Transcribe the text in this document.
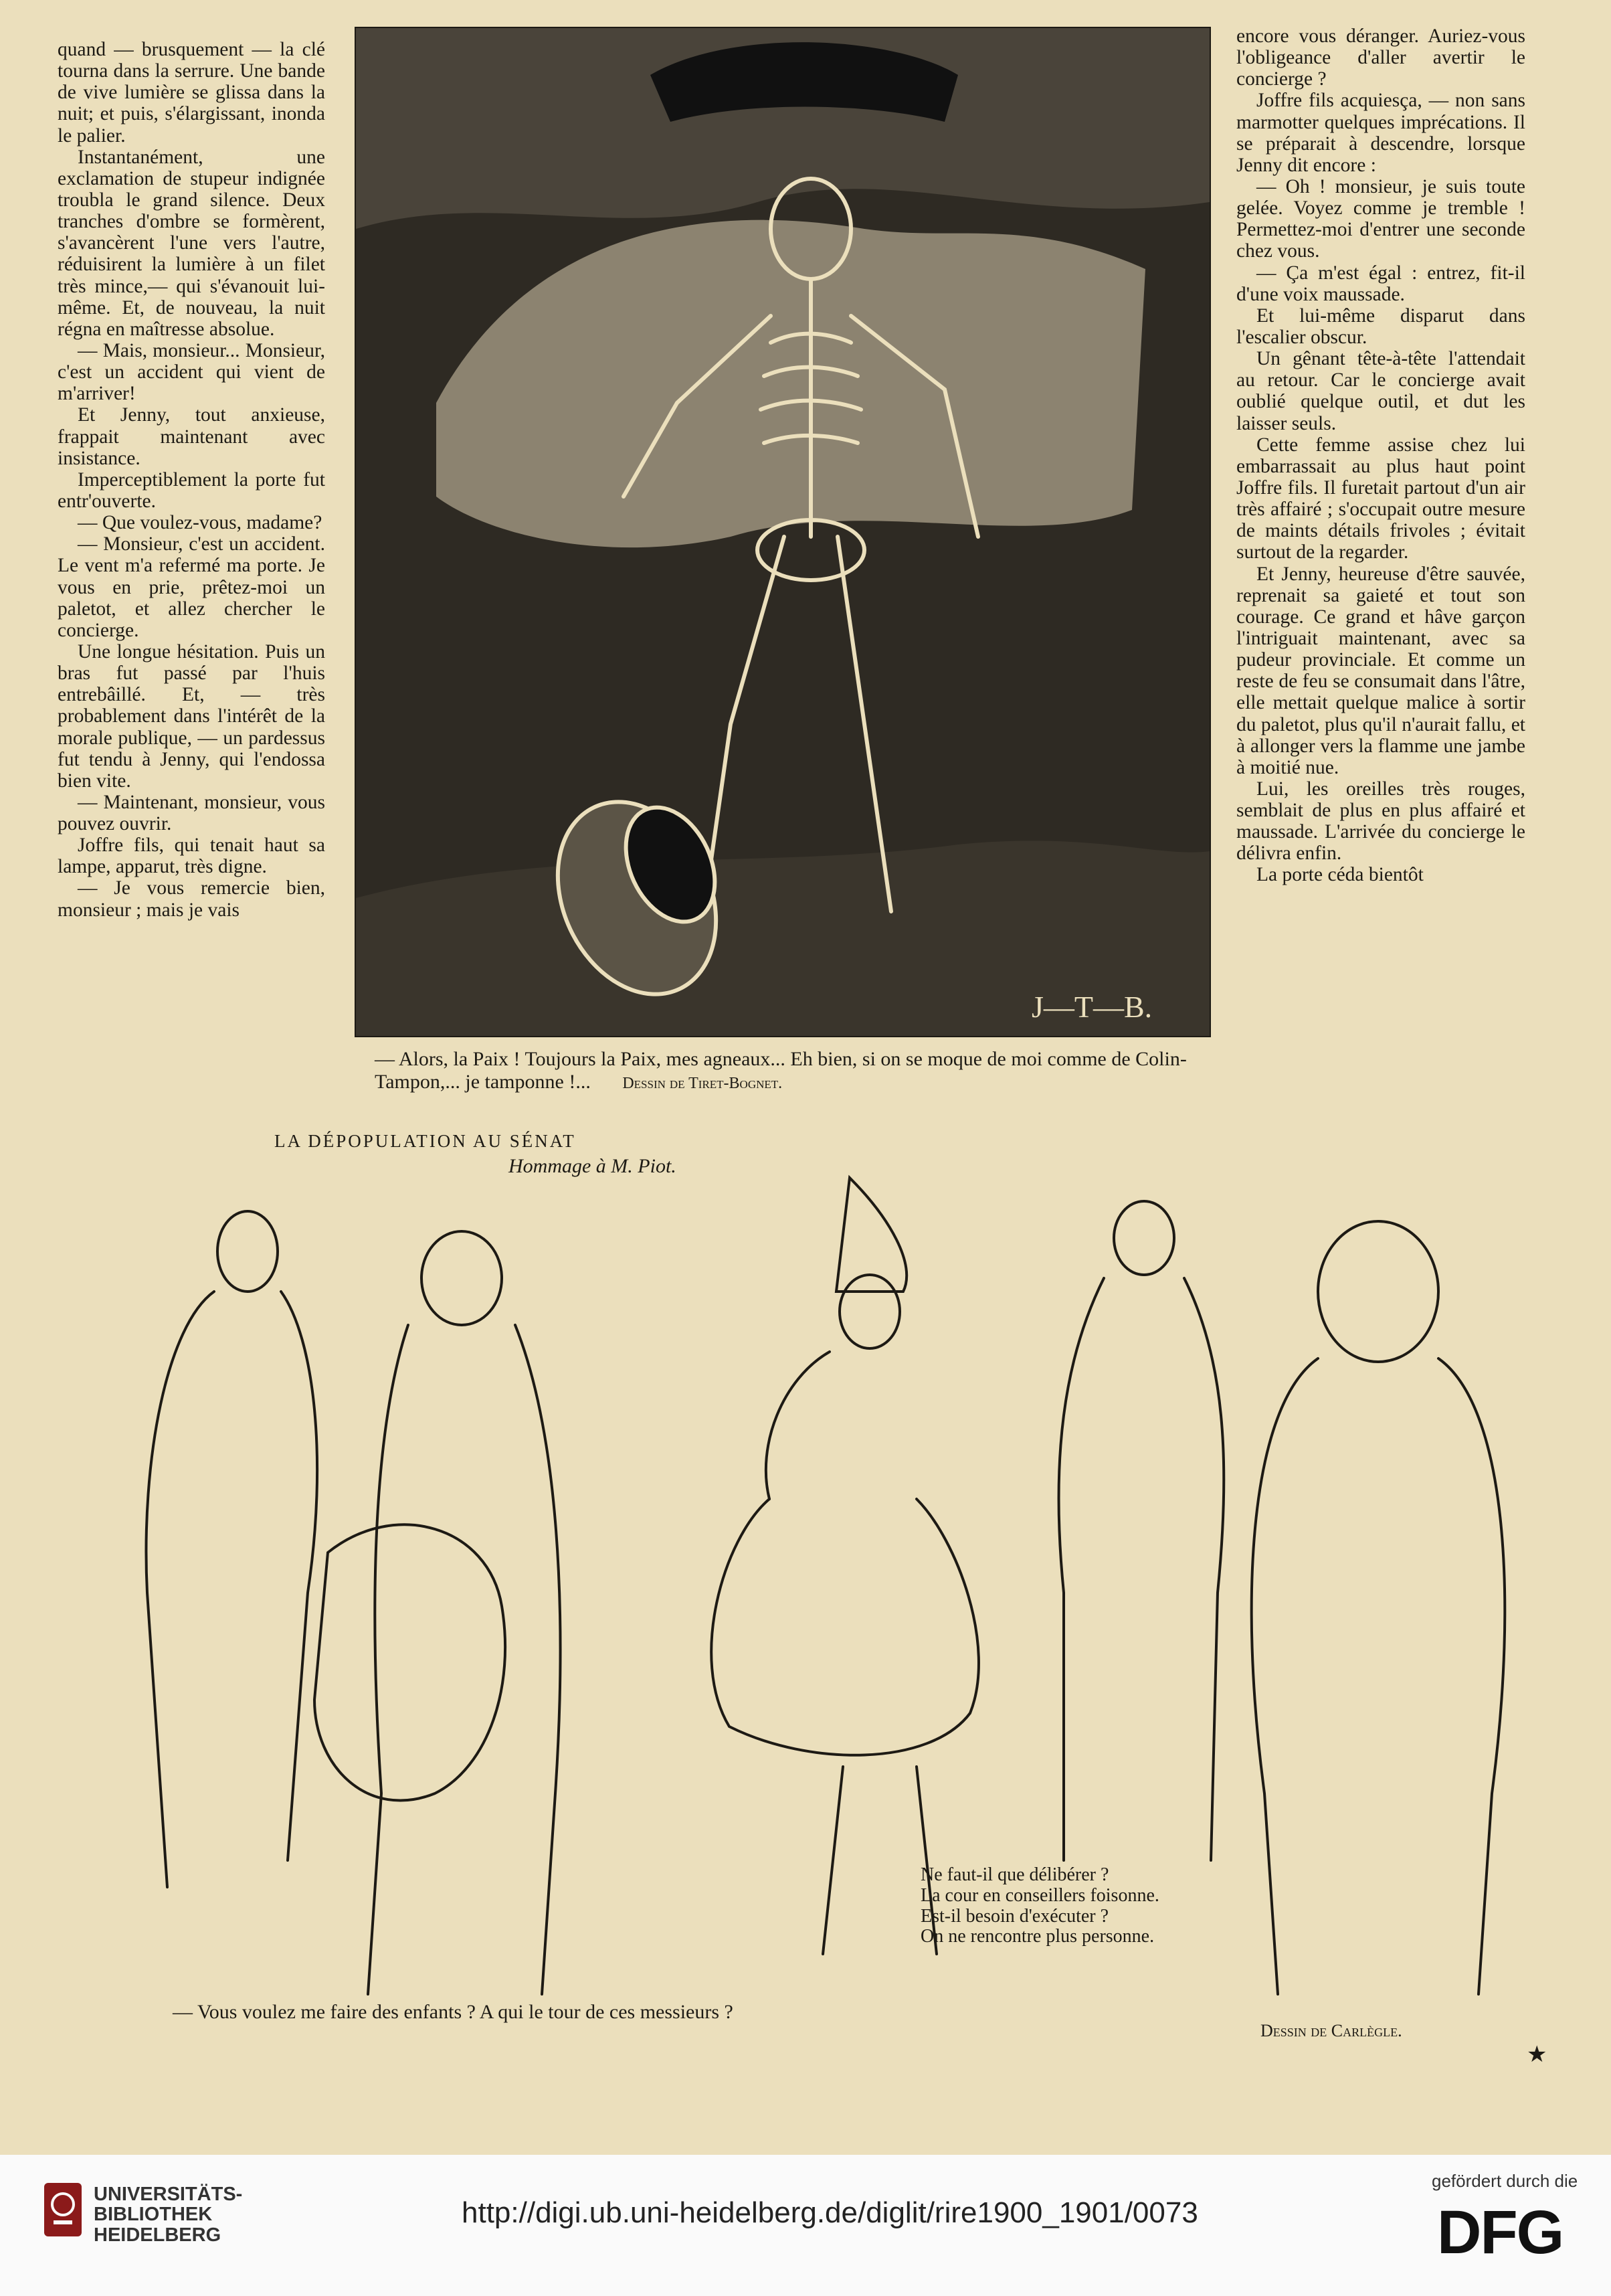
quand — brusquement — la clé tourna dans la serrure. Une bande de vive lumière se glissa dans la nuit; et puis, s'élargissant, inonda le palier.

Instantanément, une exclamation de stupeur indignée troubla le grand silence. Deux tranches d'ombre se formèrent, s'avancèrent l'une vers l'autre, réduisirent la lumière à un filet très mince,— qui s'évanouit lui-même. Et, de nouveau, la nuit régna en maîtresse absolue.

— Mais, monsieur... Monsieur, c'est un accident qui vient de m'arriver!

Et Jenny, tout anxieuse, frappait maintenant avec insistance.

Imperceptiblement la porte fut entr'ouverte.

— Que voulez-vous, madame?

— Monsieur, c'est un accident. Le vent m'a refermé ma porte. Je vous en prie, prêtez-moi un paletot, et allez chercher le concierge.

Une longue hésitation. Puis un bras fut passé par l'huis entrebâillé. Et, — très probablement dans l'intérêt de la morale publique, — un pardessus fut tendu à Jenny, qui l'endossa bien vite.

— Maintenant, monsieur, vous pouvez ouvrir.

Joffre fils, qui tenait haut sa lampe, apparut, très digne.

— Je vous remercie bien, monsieur ; mais je vais

J—T—B.

encore vous déranger. Auriez-vous l'obligeance d'aller avertir le concierge ?

Joffre fils acquiesça, — non sans marmotter quelques imprécations. Il se préparait à descendre, lorsque Jenny dit encore :

— Oh ! monsieur, je suis toute gelée. Voyez comme je tremble ! Permettez-moi d'entrer une seconde chez vous.

— Ça m'est égal : entrez, fit-il d'une voix maussade.

Et lui-même disparut dans l'escalier obscur.

Un gênant tête-à-tête l'attendait au retour. Car le concierge avait oublié quelque outil, et dut les laisser seuls.

Cette femme assise chez lui embarrassait au plus haut point Joffre fils. Il furetait partout d'un air très affairé ; s'occupait outre mesure de maints détails frivoles ; évitait surtout de la regarder.

Et Jenny, heureuse d'être sauvée, reprenait sa gaieté et tout son courage. Ce grand et hâve garçon l'intriguait maintenant, avec sa pudeur provinciale. Et comme un reste de feu se consumait dans l'âtre, elle mettait quelque malice à sortir du paletot, plus qu'il n'aurait fallu, et à allonger vers la flamme une jambe à moitié nue.

Lui, les oreilles très rouges, semblait de plus en plus affairé et maussade. L'arrivée du concierge le délivra enfin.

La porte céda bientôt

— Alors, la Paix ! Toujours la Paix, mes agneaux... Eh bien, si on se moque de moi comme de Colin-Tampon,... je tamponne !... Dessin de Tiret-Bognet.
LA DÉPOPULATION AU SÉNAT
Hommage à M. Piot.
Ne faut-il que délibérer ?
La cour en conseillers foisonne.
Est-il besoin d'exécuter ?
On ne rencontre plus personne.
— Vous voulez me faire des enfants ? A qui le tour de ces messieurs ?
Dessin de Carlègle.
★
UNIVERSITÄTS-
BIBLIOTHEK
HEIDELBERG
http://digi.ub.uni-heidelberg.de/diglit/rire1900_1901/0073
gefördert durch die
DFG
